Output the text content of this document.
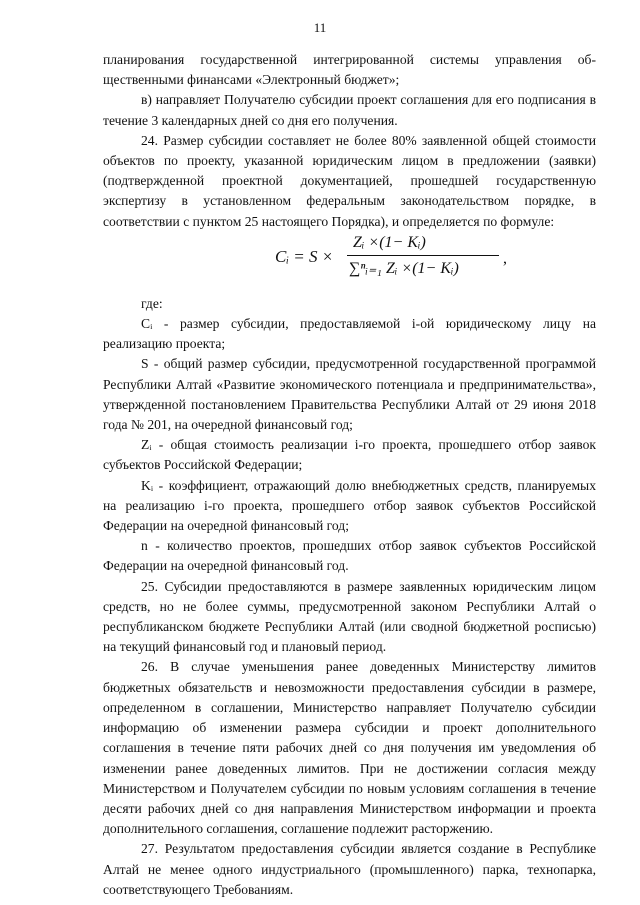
11

планирования государственной интегрированной системы управления общественными финансами «Электронный бюджет»;

в) направляет Получателю субсидии проект соглашения для его подписания в течение 3 календарных дней со дня его получения.

24. Размер субсидии составляет не более 80% заявленной общей стоимости объектов по проекту, указанной юридическим лицом в предложении (заявки) (подтвержденной проектной документацией, прошедшей государственную экспертизу в установленном федеральным законодательством порядке, в соответствии с пунктом 25 настоящего Порядка), и определяется по формуле:

Cᵢ = S ×
Zᵢ ×(1− Kᵢ)
∑ⁿᵢ₌₁ Zᵢ ×(1− Kᵢ)
,

где:

Cᵢ - размер субсидии, предоставляемой i-ой юридическому лицу на реализацию проекта;

S - общий размер субсидии, предусмотренной государственной программой Республики Алтай «Развитие экономического потенциала и предпринимательства», утвержденной постановлением Правительства Республики Алтай от 29 июня 2018 года № 201, на очередной финансовый год;

Zᵢ - общая стоимость реализации i-го проекта, прошедшего отбор заявок субъектов Российской Федерации;

Kᵢ - коэффициент, отражающий долю внебюджетных средств, планируемых на реализацию i-го проекта, прошедшего отбор заявок субъектов Российской Федерации на очередной финансовый год;

n - количество проектов, прошедших отбор заявок субъектов Российской Федерации на очередной финансовый год.

25. Субсидии предоставляются в размере заявленных юридическим лицом средств, но не более суммы, предусмотренной законом Республики Алтай о республиканском бюджете Республики Алтай (или сводной бюджетной росписью) на текущий финансовый год и плановый период.

26. В случае уменьшения ранее доведенных Министерству лимитов бюджетных обязательств и невозможности предоставления субсидии в размере, определенном в соглашении, Министерство направляет Получателю субсидии информацию об изменении размера субсидии и проект дополнительного соглашения в течение пяти рабочих дней со дня получения им уведомления об изменении ранее доведенных лимитов. При не достижении согласия между Министерством и Получателем субсидии по новым условиям соглашения в течение десяти рабочих дней со дня направления Министерством информации и проекта дополнительного соглашения, соглашение подлежит расторжению.

27. Результатом предоставления субсидии является создание в Республике Алтай не менее одного индустриального (промышленного) парка, технопарка, соответствующего Требованиям.
